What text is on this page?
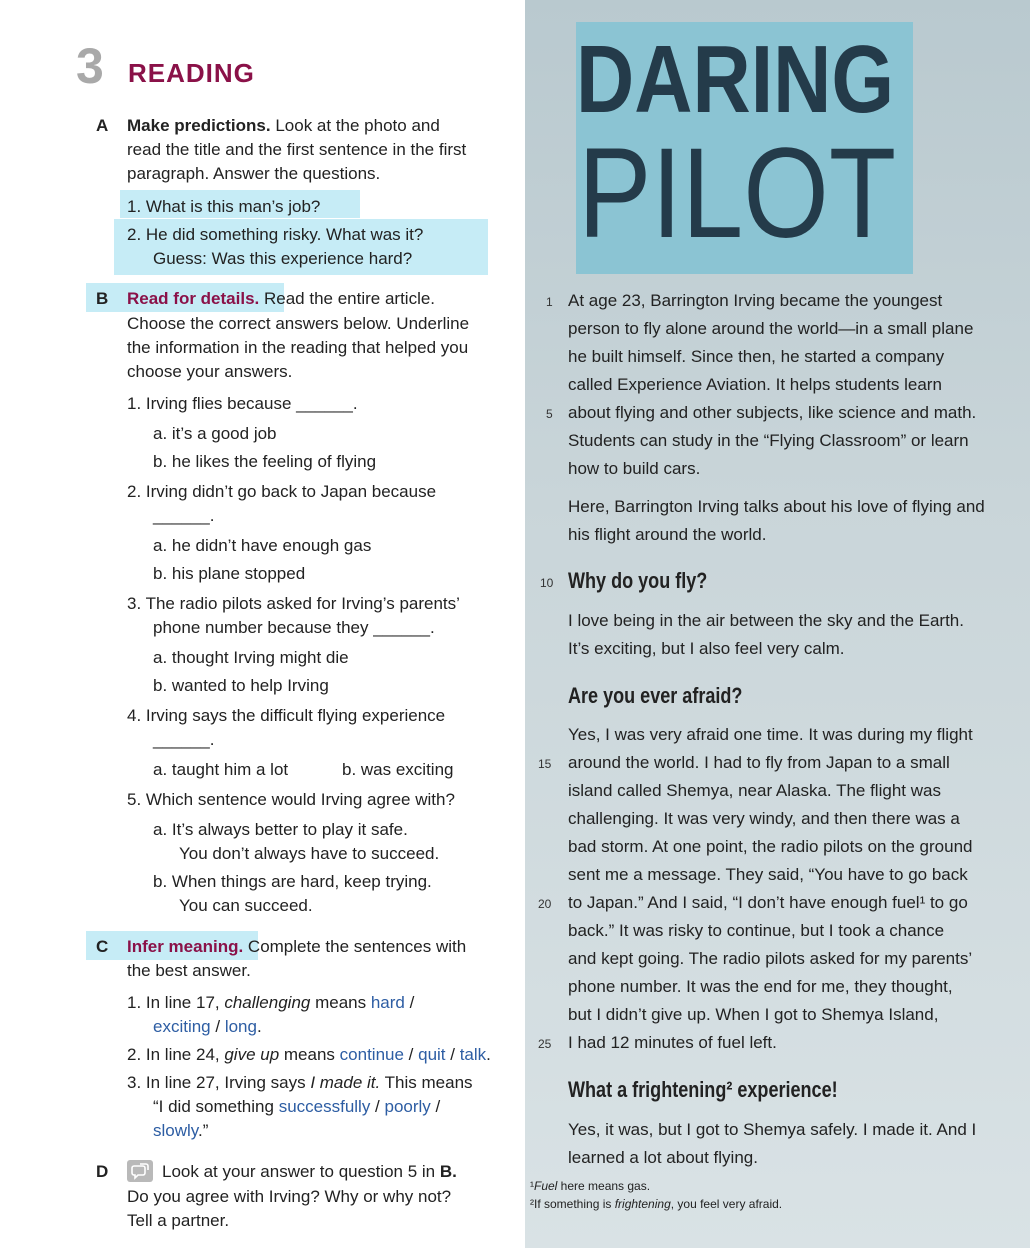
3 READING
A Make predictions. Look at the photo and
read the title and the first sentence in the first
paragraph. Answer the questions.
1. What is this man’s job?
2. He did something risky. What was it?
Guess: Was this experience hard?
B Read for details. Read the entire article.
Choose the correct answers below. Underline
the information in the reading that helped you
choose your answers.
1. Irving flies because ______.
a. it’s a good job
b. he likes the feeling of flying
2. Irving didn’t go back to Japan because
______.
a. he didn’t have enough gas
b. his plane stopped
3. The radio pilots asked for Irving’s parents’
phone number because they ______.
a. thought Irving might die
b. wanted to help Irving
4. Irving says the difficult flying experience
______.
a. taught him a lot	b. was exciting
5. Which sentence would Irving agree with?
a. It’s always better to play it safe.
You don’t always have to succeed.
b. When things are hard, keep trying.
You can succeed.
C Infer meaning. Complete the sentences with
the best answer.
1. In line 17, challenging means hard /
exciting / long.
2. In line 24, give up means continue / quit / talk.
3. In line 27, Irving says I made it. This means
“I did something successfully / poorly /
slowly.”
D	Look at your answer to question 5 in B.
Do you agree with Irving? Why or why not?
Tell a partner.
DARING
PILOT
1 At age 23, Barrington Irving became the youngest
person to fly alone around the world—in a small plane
he built himself. Since then, he started a company
called Experience Aviation. It helps students learn
5 about flying and other subjects, like science and math.
Students can study in the “Flying Classroom” or learn
how to build cars.
Here, Barrington Irving talks about his love of flying and
his flight around the world.
10 Why do you fly?
I love being in the air between the sky and the Earth.
It’s exciting, but I also feel very calm.
Are you ever afraid?
Yes, I was very afraid one time. It was during my flight
15 around the world. I had to fly from Japan to a small
island called Shemya, near Alaska. The flight was
challenging. It was very windy, and then there was a
bad storm. At one point, the radio pilots on the ground
sent me a message. They said, “You have to go back
20 to Japan.” And I said, “I don’t have enough fuel¹ to go
back.” It was risky to continue, but I took a chance
and kept going. The radio pilots asked for my parents’
phone number. It was the end for me, they thought,
but I didn’t give up. When I got to Shemya Island,
25 I had 12 minutes of fuel left.
What a frightening² experience!
Yes, it was, but I got to Shemya safely. I made it. And I
learned a lot about flying.
¹Fuel here means gas.
²If something is frightening, you feel very afraid.
